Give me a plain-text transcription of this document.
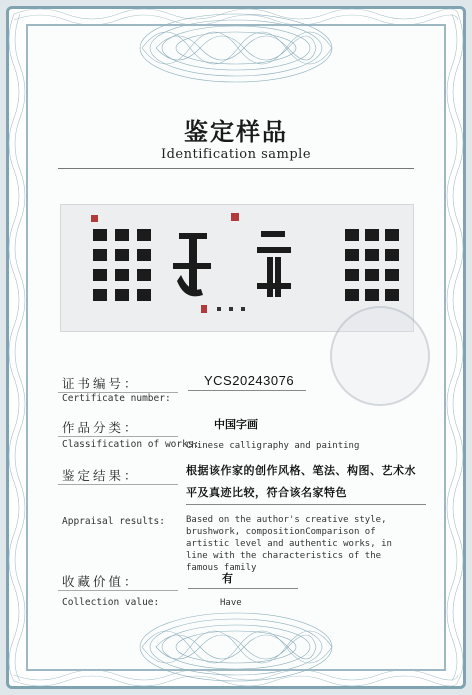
鉴定样品
Identification sample
证书编号：
Certificate number:
YCS20243076
作品分类：
Classification of works:
中国字画
Chinese calligraphy and painting
鉴定结果：	根据该作家的创作风格、笔法、构图、艺术水平及真迹比较，符合该名家特色
Appraisal results: Based on the author's creative style, brushwork, compositionComparison of artistic level and authentic works, in line with the characteristics of the famous family
收藏价值：
Collection value:
有
Have
